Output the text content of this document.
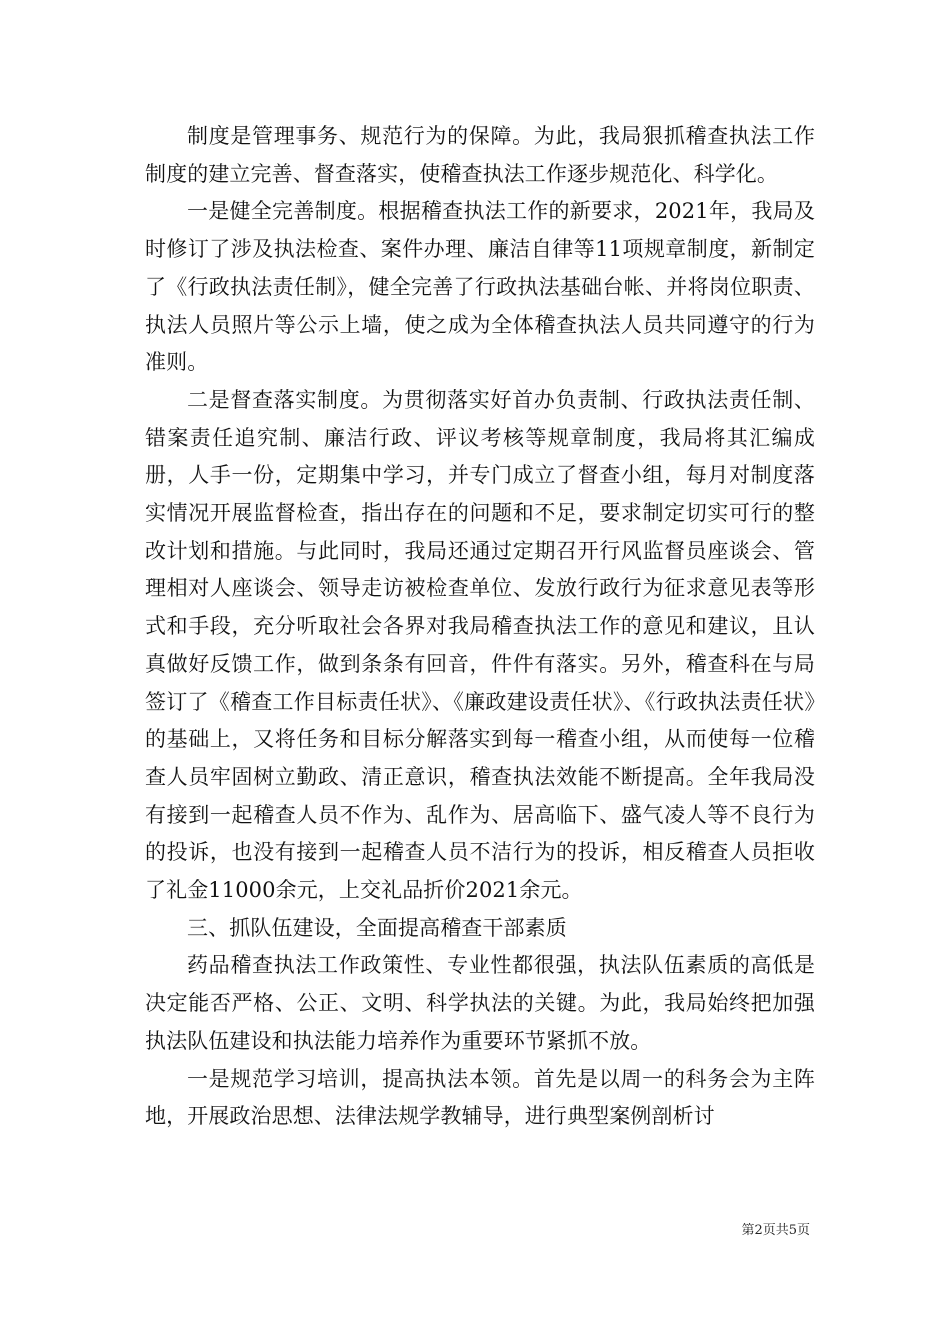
制度是管理事务、规范行为的保障。为此，我局狠抓稽查执法工作制度的建立完善、督查落实，使稽查执法工作逐步规范化、科学化。

一是健全完善制度。根据稽查执法工作的新要求，2021年，我局及时修订了涉及执法检查、案件办理、廉洁自律等11项规章制度，新制定了《行政执法责任制》，健全完善了行政执法基础台帐、并将岗位职责、执法人员照片等公示上墙，使之成为全体稽查执法人员共同遵守的行为准则。

二是督查落实制度。为贯彻落实好首办负责制、行政执法责任制、错案责任追究制、廉洁行政、评议考核等规章制度，我局将其汇编成册，人手一份，定期集中学习，并专门成立了督查小组，每月对制度落实情况开展监督检查，指出存在的问题和不足，要求制定切实可行的整改计划和措施。与此同时，我局还通过定期召开行风监督员座谈会、管理相对人座谈会、领导走访被检查单位、发放行政行为征求意见表等形式和手段，充分听取社会各界对我局稽查执法工作的意见和建议，且认真做好反馈工作，做到条条有回音，件件有落实。另外，稽查科在与局签订了《稽查工作目标责任状》、《廉政建设责任状》、《行政执法责任状》的基础上，又将任务和目标分解落实到每一稽查小组，从而使每一位稽查人员牢固树立勤政、清正意识，稽查执法效能不断提高。全年我局没有接到一起稽查人员不作为、乱作为、居高临下、盛气凌人等不良行为的投诉，也没有接到一起稽查人员不洁行为的投诉，相反稽查人员拒收了礼金11000余元，上交礼品折价2021余元。

三、抓队伍建设，全面提高稽查干部素质

药品稽查执法工作政策性、专业性都很强，执法队伍素质的高低是决定能否严格、公正、文明、科学执法的关键。为此，我局始终把加强执法队伍建设和执法能力培养作为重要环节紧抓不放。

一是规范学习培训，提高执法本领。首先是以周一的科务会为主阵地，开展政治思想、法律法规学教辅导，进行典型案例剖析讨

第2页共5页
